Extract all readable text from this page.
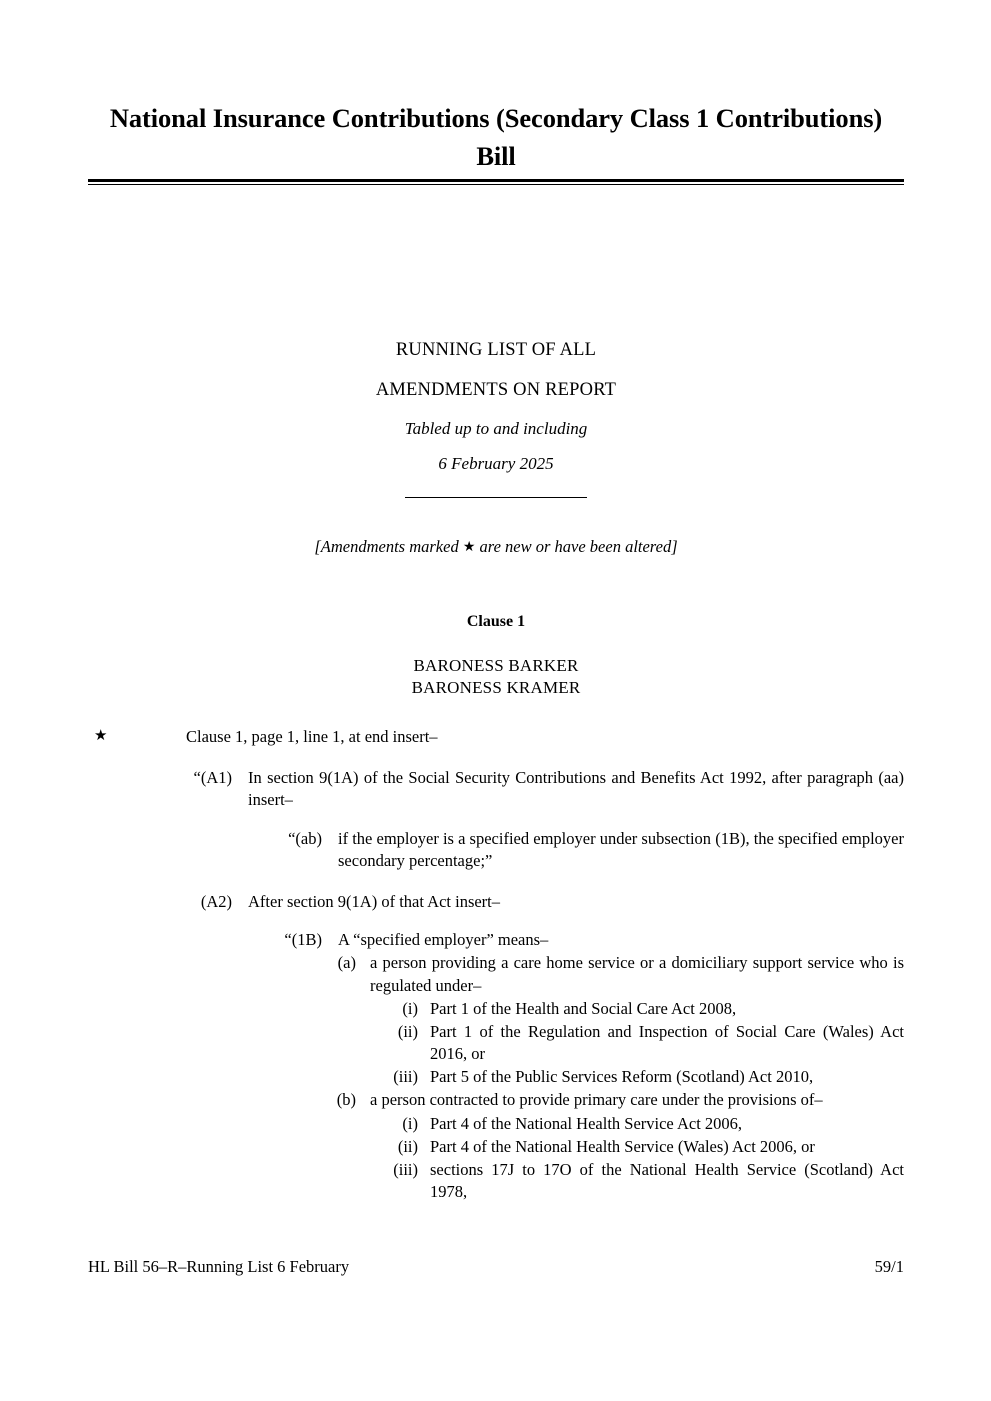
National Insurance Contributions (Secondary Class 1 Contributions) Bill
RUNNING LIST OF ALL
AMENDMENTS ON REPORT
Tabled up to and including
6 February 2025
[Amendments marked ★ are new or have been altered]
Clause 1
BARONESS BARKER
BARONESS KRAMER
★	Clause 1, page 1, line 1, at end insert‒
“(A1) In section 9(1A) of the Social Security Contributions and Benefits Act 1992, after paragraph (aa) insert‒
“(ab) if the employer is a specified employer under subsection (1B), the specified employer secondary percentage;”
(A2) After section 9(1A) of that Act insert‒
“(1B) A “specified employer” means‒
(a) a person providing a care home service or a domiciliary support service who is regulated under‒
(i) Part 1 of the Health and Social Care Act 2008,
(ii) Part 1 of the Regulation and Inspection of Social Care (Wales) Act 2016, or
(iii) Part 5 of the Public Services Reform (Scotland) Act 2010,
(b) a person contracted to provide primary care under the provisions of‒
(i) Part 4 of the National Health Service Act 2006,
(ii) Part 4 of the National Health Service (Wales) Act 2006, or
(iii) sections 17J to 17O of the National Health Service (Scotland) Act 1978,
HL Bill 56‒R‒Running List 6 February	59/1
